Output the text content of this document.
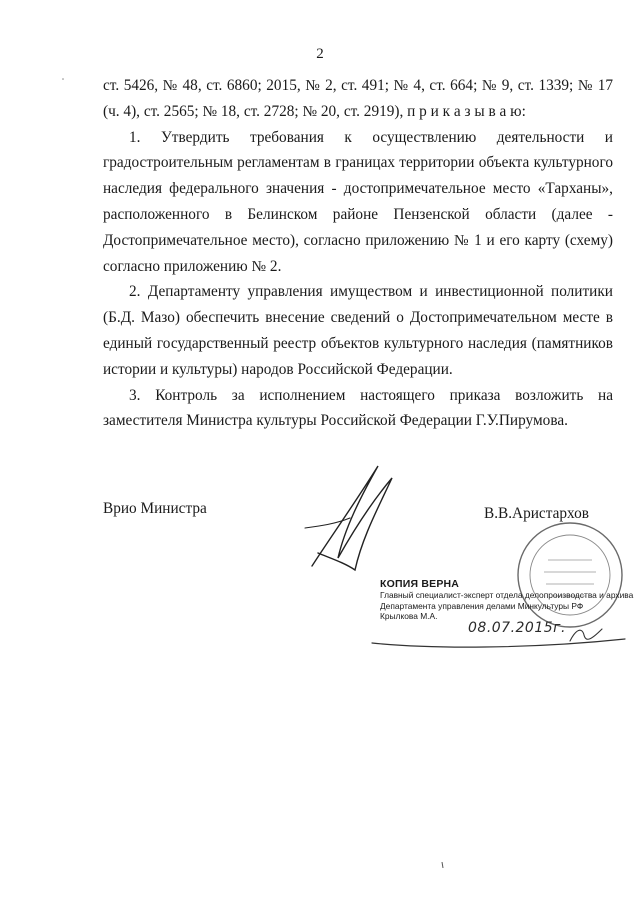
2

ст. 5426, № 48, ст. 6860; 2015, № 2, ст. 491; № 4, ст. 664; № 9, ст. 1339; № 17 (ч. 4), ст. 2565; № 18, ст. 2728; № 20, ст. 2919), п р и к а з ы в а ю:

1. Утвердить требования к осуществлению деятельности и градостроительным регламентам в границах территории объекта культурного наследия федерального значения - достопримечательное место «Тарханы», расположенного в Белинском районе Пензенской области (далее - Достопримечательное место), согласно приложению № 1 и его карту (схему) согласно приложению № 2.

2. Департаменту управления имуществом и инвестиционной политики (Б.Д. Мазо) обеспечить внесение сведений о Достопримечательном месте в единый государственный реестр объектов культурного наследия (памятников истории и культуры) народов Российской Федерации.

3. Контроль за исполнением настоящего приказа возложить на заместителя Министра культуры Российской Федерации Г.У.Пирумова.

Врио Министра	В.В.Аристархов
КОПИЯ ВЕРНА
Главный специалист-эксперт отдела делопроизводства и архива
Департамента управления делами Минкультуры РФ
Крылкова М.А.
08.07.2015г.
